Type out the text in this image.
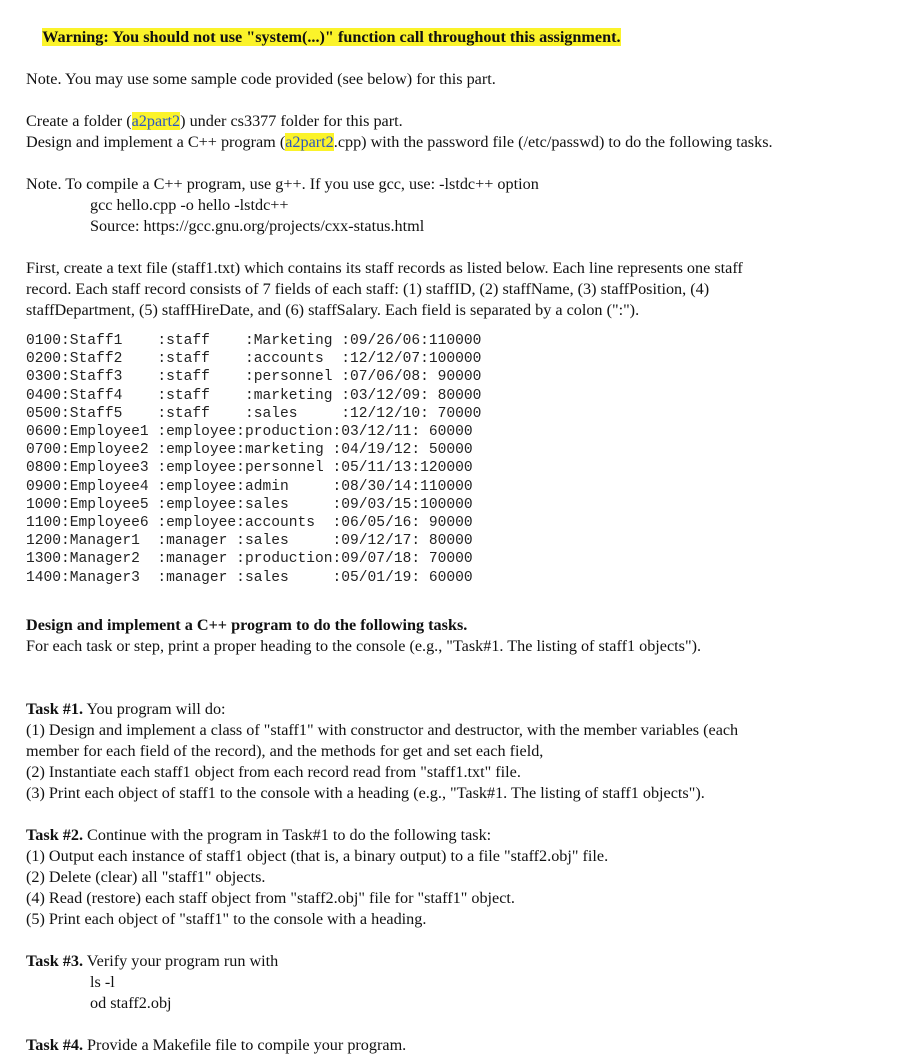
Warning: You should not use "system(...)" function call throughout this assignment.

Note. You may use some sample code provided (see below) for this part.
Create a folder (a2part2) under cs3377 folder for this part.
Design and implement a C++ program (a2part2.cpp) with the password file (/etc/passwd) to do the following tasks.
Note. To compile a C++ program, use g++. If you use gcc, use: -lstdc++ option
gcc hello.cpp -o hello -lstdc++
Source: https://gcc.gnu.org/projects/cxx-status.html
First, create a text file (staff1.txt) which contains its staff records as listed below. Each line represents one staff
record. Each staff record consists of 7 fields of each staff: (1) staffID, (2) staffName, (3) staffPosition, (4)
staffDepartment, (5) staffHireDate, and (6) staffSalary. Each field is separated by a colon (":").
0100:Staff1    :staff    :Marketing :09/26/06:110000
0200:Staff2    :staff    :accounts  :12/12/07:100000
0300:Staff3    :staff    :personnel :07/06/08: 90000
0400:Staff4    :staff    :marketing :03/12/09: 80000
0500:Staff5    :staff    :sales     :12/12/10: 70000
0600:Employee1 :employee:production:03/12/11: 60000
0700:Employee2 :employee:marketing :04/19/12: 50000
0800:Employee3 :employee:personnel :05/11/13:120000
0900:Employee4 :employee:admin     :08/30/14:110000
1000:Employee5 :employee:sales     :09/03/15:100000
1100:Employee6 :employee:accounts  :06/05/16: 90000
1200:Manager1  :manager :sales     :09/12/17: 80000
1300:Manager2  :manager :production:09/07/18: 70000
1400:Manager3  :manager :sales     :05/01/19: 60000
Design and implement a C++ program to do the following tasks.
For each task or step, print a proper heading to the console (e.g., "Task#1. The listing of staff1 objects").
Task #1. You program will do:
(1) Design and implement a class of "staff1" with constructor and destructor, with the member variables (each
member for each field of the record), and the methods for get and set each field,
(2) Instantiate each staff1 object from each record read from "staff1.txt" file.
(3) Print each object of staff1 to the console with a heading (e.g., "Task#1. The listing of staff1 objects").
Task #2. Continue with the program in Task#1 to do the following task:
(1) Output each instance of staff1 object (that is, a binary output) to a file "staff2.obj" file.
(2) Delete (clear) all "staff1" objects.
(4) Read (restore) each staff object from "staff2.obj" file for "staff1" object.
(5) Print each object of "staff1" to the console with a heading.
Task #3. Verify your program run with
ls -l
od staff2.obj
Task #4. Provide a Makefile file to compile your program.
